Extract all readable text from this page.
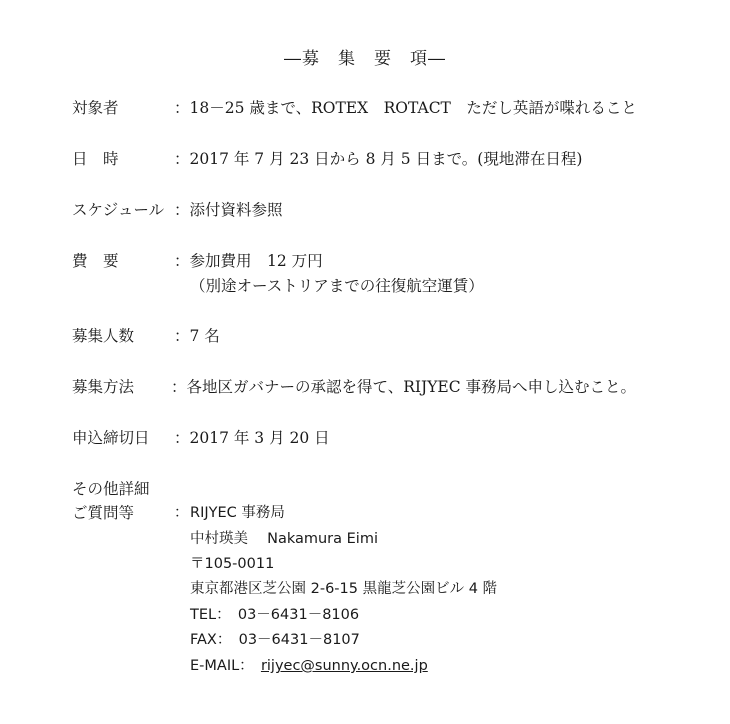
―募　集　要　項―
対象者	：18－25 歳まで、ROTEX　ROTACT　ただし英語が喋れること
日　時	：2017 年 7 月 23 日から 8 月 5 日まで。(現地滞在日程)
スケジュール ：添付資料参照
費　要	：参加費用　12 万円
（別途オーストリアまでの往復航空運賃）
募集人数	：7 名
募集方法 ：各地区ガバナーの承認を得て、RIJYEC 事務局へ申し込むこと。
申込締切日 ：2017 年 3 月 20 日
その他詳細
ご質問等	： RIJYEC 事務局
中村瑛美　 Nakamura Eimi
〒105-0011
東京都港区芝公園 2-6-15 黒龍芝公園ビル 4 階
TEL：　03－6431－8106
FAX：　03－6431－8107
E-MAIL：　rijyec@sunny.ocn.ne.jp
